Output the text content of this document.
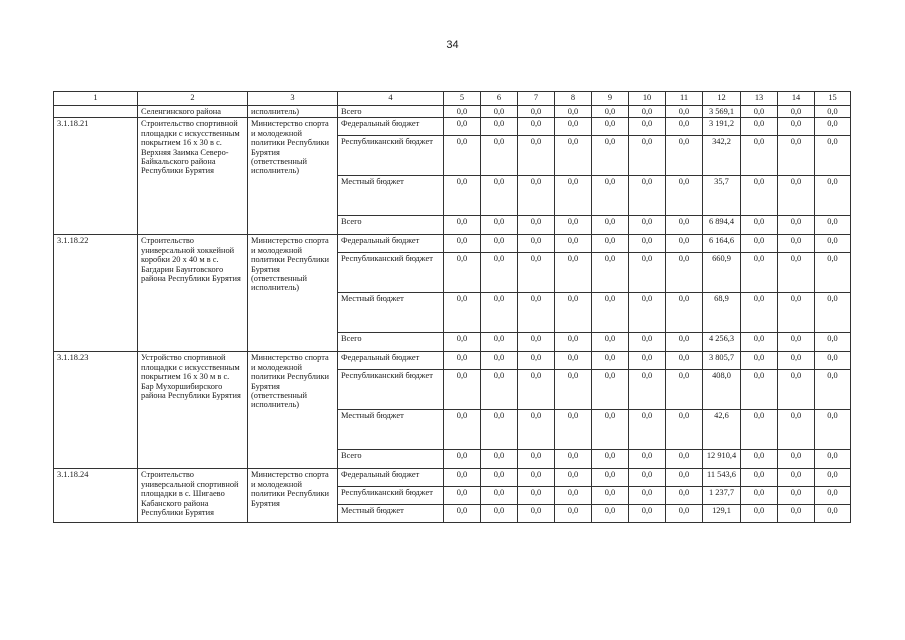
34
1	2	3	4	5	6	7	8	9	10	11	12	13	14	15
	Селенгинского района	исполнитель)	Всего	0,0	0,0	0,0	0,0	0,0	0,0	0,0	3 569,1	0,0	0,0	0,0
3.1.18.21	Строительство спортивной площадки с искусственным покрытием 16 х 30 в с. Верхняя Заимка Северо-Байкальского района Республики Бурятия	Министерство спорта и молодежной политики Республики Бурятия (ответственный исполнитель)	Федеральный бюджет	0,0	0,0	0,0	0,0	0,0	0,0	0,0	3 191,2	0,0	0,0	0,0
			Республиканский бюджет	0,0	0,0	0,0	0,0	0,0	0,0	0,0	342,2	0,0	0,0	0,0
			Местный бюджет	0,0	0,0	0,0	0,0	0,0	0,0	0,0	35,7	0,0	0,0	0,0
			Всего	0,0	0,0	0,0	0,0	0,0	0,0	0,0	6 894,4	0,0	0,0	0,0
3.1.18.22	Строительство универсальной хоккейной коробки 20 х 40 м в с. Багдарин Баунтовского района Республики Бурятия	Министерство спорта и молодежной политики Республики Бурятия (ответственный исполнитель)	Федеральный бюджет	0,0	0,0	0,0	0,0	0,0	0,0	0,0	6 164,6	0,0	0,0	0,0
			Республиканский бюджет	0,0	0,0	0,0	0,0	0,0	0,0	0,0	660,9	0,0	0,0	0,0
			Местный бюджет	0,0	0,0	0,0	0,0	0,0	0,0	0,0	68,9	0,0	0,0	0,0
			Всего	0,0	0,0	0,0	0,0	0,0	0,0	0,0	4 256,3	0,0	0,0	0,0
3.1.18.23	Устройство спортивной площадки с искусственным покрытием 16 х 30 м в с. Бар Мухоршибирского района Республики Бурятия	Министерство спорта и молодежной политики Республики Бурятия (ответственный исполнитель)	Федеральный бюджет	0,0	0,0	0,0	0,0	0,0	0,0	0,0	3 805,7	0,0	0,0	0,0
			Республиканский бюджет	0,0	0,0	0,0	0,0	0,0	0,0	0,0	408,0	0,0	0,0	0,0
			Местный бюджет	0,0	0,0	0,0	0,0	0,0	0,0	0,0	42,6	0,0	0,0	0,0
			Всего	0,0	0,0	0,0	0,0	0,0	0,0	0,0	12 910,4	0,0	0,0	0,0
3.1.18.24	Строительство универсальной спортивной площадки в с. Шигаево Кабанского района Республики Бурятия	Министерство спорта и молодежной политики Республики Бурятия	Федеральный бюджет	0,0	0,0	0,0	0,0	0,0	0,0	0,0	11 543,6	0,0	0,0	0,0
			Республиканский бюджет	0,0	0,0	0,0	0,0	0,0	0,0	0,0	1 237,7	0,0	0,0	0,0
			Местный бюджет	0,0	0,0	0,0	0,0	0,0	0,0	0,0	129,1	0,0	0,0	0,0
